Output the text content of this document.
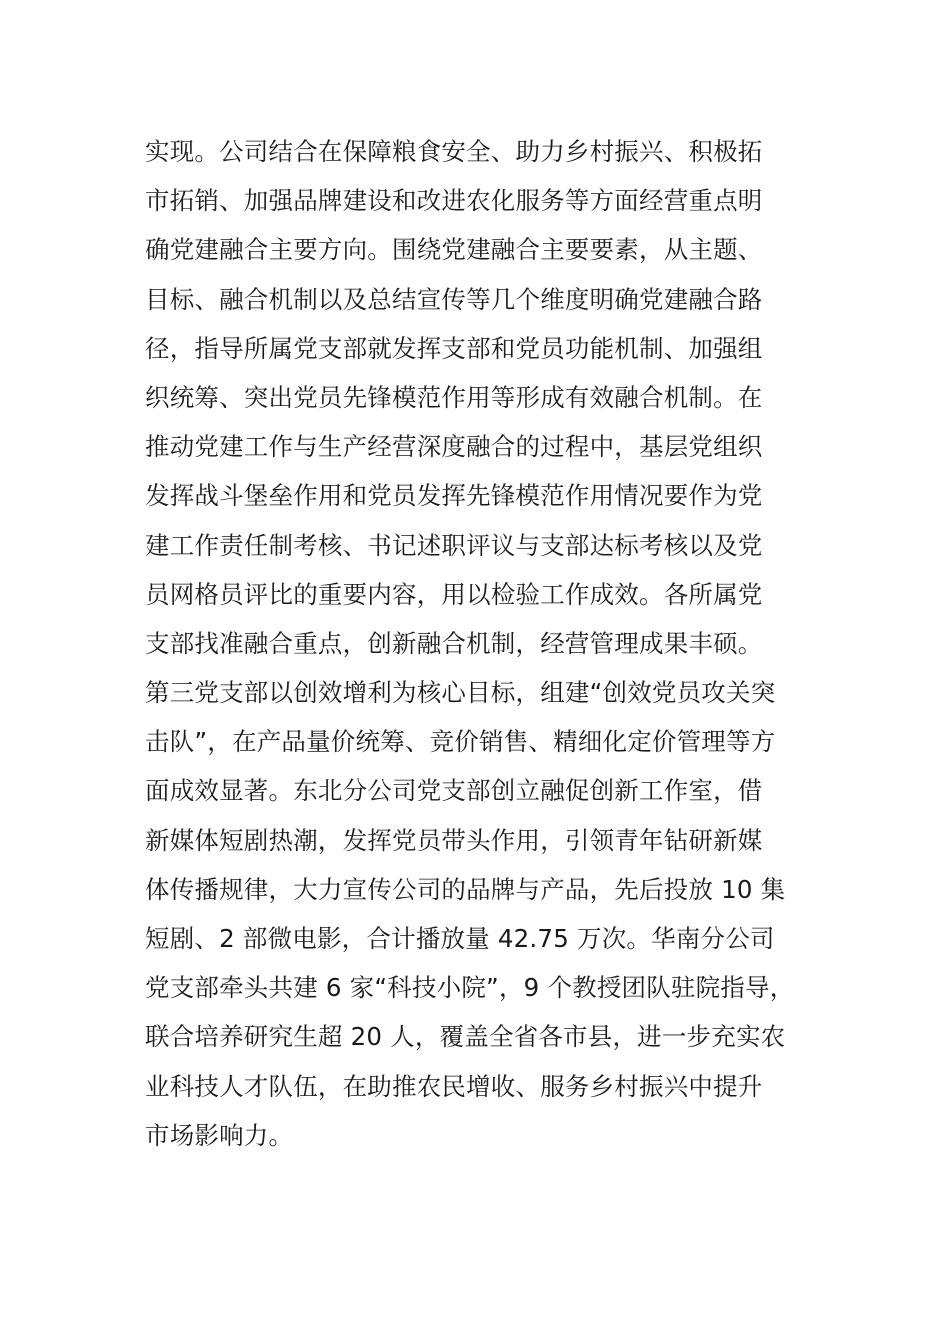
实现。公司结合在保障粮食安全、助力乡村振兴、积极拓
市拓销、加强品牌建设和改进农化服务等方面经营重点明
确党建融合主要方向。围绕党建融合主要要素，从主题、
目标、融合机制以及总结宣传等几个维度明确党建融合路
径，指导所属党支部就发挥支部和党员功能机制、加强组
织统筹、突出党员先锋模范作用等形成有效融合机制。在
推动党建工作与生产经营深度融合的过程中，基层党组织
发挥战斗堡垒作用和党员发挥先锋模范作用情况要作为党
建工作责任制考核、书记述职评议与支部达标考核以及党
员网格员评比的重要内容，用以检验工作成效。各所属党
支部找准融合重点，创新融合机制，经营管理成果丰硕。
第三党支部以创效增利为核心目标，组建“创效党员攻关突
击队”，在产品量价统筹、竞价销售、精细化定价管理等方
面成效显著。东北分公司党支部创立融促创新工作室，借
新媒体短剧热潮，发挥党员带头作用，引领青年钻研新媒
体传播规律，大力宣传公司的品牌与产品，先后投放 10 集
短剧、2 部微电影，合计播放量 42.75 万次。华南分公司
党支部牵头共建 6 家“科技小院”，9 个教授团队驻院指导，
联合培养研究生超 20 人，覆盖全省各市县，进一步充实农
业科技人才队伍，在助推农民增收、服务乡村振兴中提升
市场影响力。
